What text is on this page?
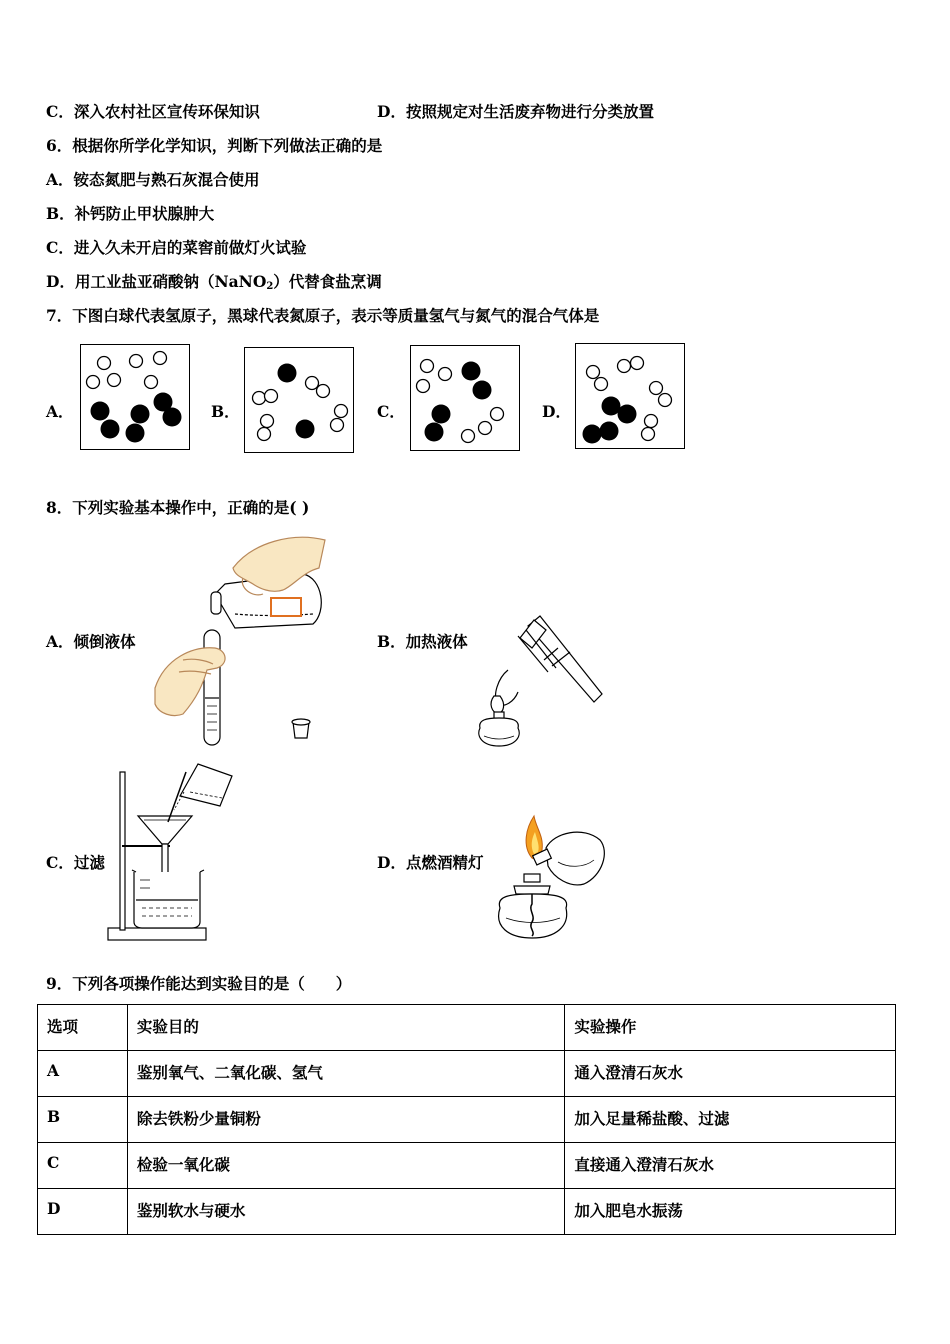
C．深入农村社区宣传环保知识	D．按照规定对生活废弃物进行分类放置
6．根据你所学化学知识，判断下列做法正确的是
A．铵态氮肥与熟石灰混合使用
B．补钙防止甲状腺肿大
C．进入久未开启的菜窖前做灯火试验
D．用工业盐亚硝酸钠（NaNO$_2$）代替食盐烹调
7．下图白球代表氢原子，黑球代表氮原子，表示等质量氢气与氮气的混合气体是
A．	B．	C．	D．
8．下列实验基本操作中，正确的是( )
A．倾倒液体	B．加热液体
C．过滤	D．点燃酒精灯
9．下列各项操作能达到实验目的是（　　）
选项	实验目的	实验操作
A	鉴别氧气、二氧化碳、氢气	通入澄清石灰水
B	除去铁粉少量铜粉	加入足量稀盐酸、过滤
C	检验一氧化碳	直接通入澄清石灰水
D	鉴别软水与硬水	加入肥皂水振荡
